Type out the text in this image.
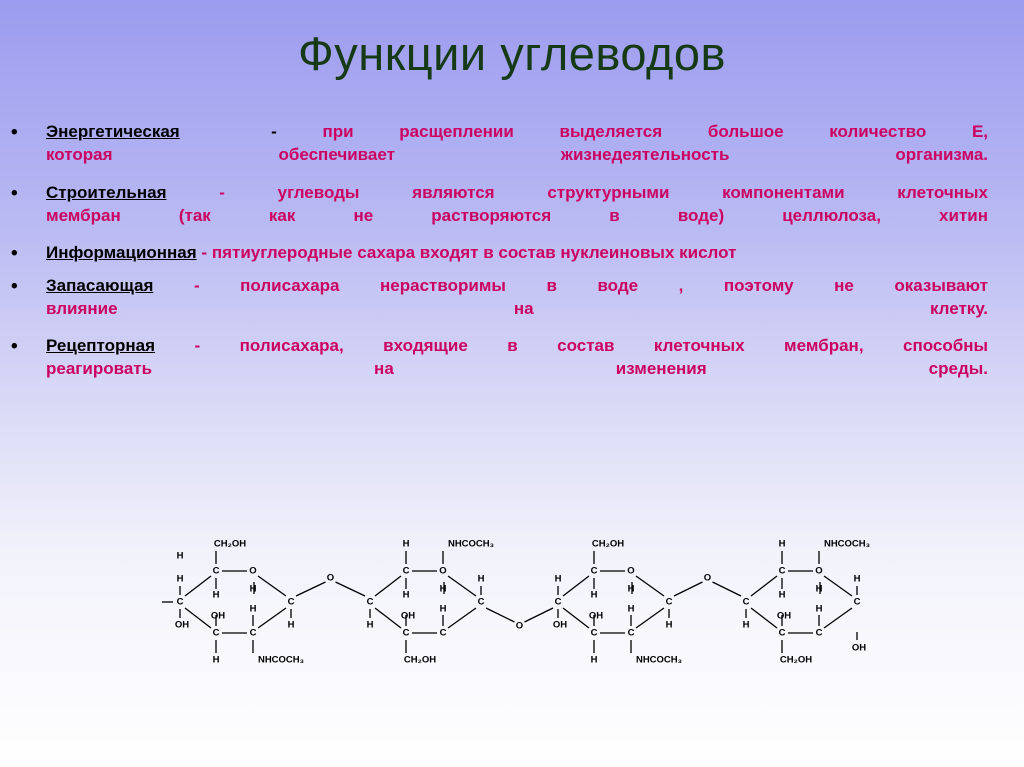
Функции углеводов
• Энергетическая  -	при расщеплении выделяется большое количество Е,
которая обеспечивает жизнедеятельность организма.
• Строительная -	углеводы являются структурными компонентами клеточных
мембран (так как не растворяются в воде) целлюлоза, хитин
• Информационная - пятиуглеродные сахара входят в состав нуклеиновых кислот
• Запасающая - полисахара нерастворимы в воде , поэтому не оказывают
влияние на клетку.
• Рецепторная - полисахара, входящие в состав клеточных мембран, способны
реагировать на изменения среды.
C	O
C	C
C	C
H
OH
H
H
CH₂OH
H	NHCOCH₃
H
OH	H
C	O
C	C
C	C
H
OH
H
H
H	NHCOCH₃
CH₂OH
H
H
C	O
C	C
C	C
H
OH
H
H
CH₂OH
H	NHCOCH₃
H
OH	H
C	O
C	C
C	C
H
OH
H
H
H	NHCOCH₃
CH₂OH
H
H
O
O
O
H
OH
